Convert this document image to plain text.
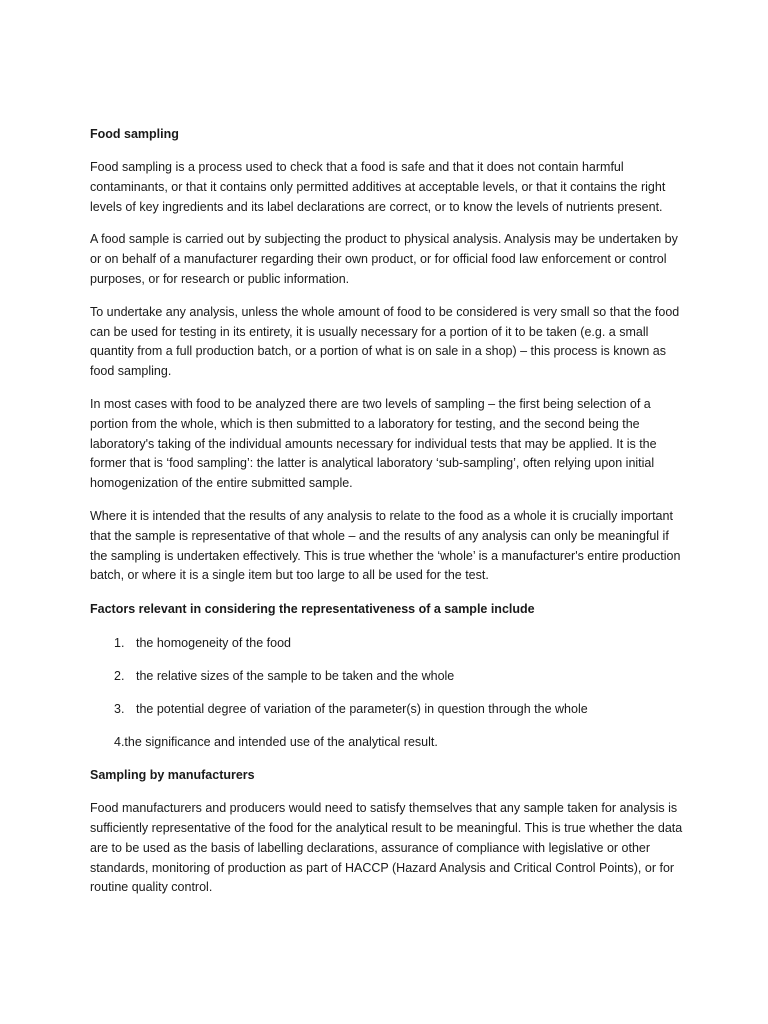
Food sampling

Food sampling is a process used to check that a food is safe and that it does not contain harmful contaminants, or that it contains only permitted additives at acceptable levels, or that it contains the right levels of key ingredients and its label declarations are correct, or to know the levels of nutrients present.

A food sample is carried out by subjecting the product to physical analysis. Analysis may be undertaken by or on behalf of a manufacturer regarding their own product, or for official food law enforcement or control purposes, or for research or public information.

To undertake any analysis, unless the whole amount of food to be considered is very small so that the food can be used for testing in its entirety, it is usually necessary for a portion of it to be taken (e.g. a small quantity from a full production batch, or a portion of what is on sale in a shop) – this process is known as food sampling.

In most cases with food to be analyzed there are two levels of sampling – the first being selection of a portion from the whole, which is then submitted to a laboratory for testing, and the second being the laboratory's taking of the individual amounts necessary for individual tests that may be applied. It is the former that is ‘food sampling’: the latter is analytical laboratory ‘sub-sampling’, often relying upon initial homogenization of the entire submitted sample.

Where it is intended that the results of any analysis to relate to the food as a whole it is crucially important that the sample is representative of that whole – and the results of any analysis can only be meaningful if the sampling is undertaken effectively. This is true whether the ‘whole’ is a manufacturer's entire production batch, or where it is a single item but too large to all be used for the test.

Factors relevant in considering the representativeness of a sample include
1. the homogeneity of the food
2. the relative sizes of the sample to be taken and the whole
3. the potential degree of variation of the parameter(s) in question through the whole
4.the significance and intended use of the analytical result.
Sampling by manufacturers

Food manufacturers and producers would need to satisfy themselves that any sample taken for analysis is sufficiently representative of the food for the analytical result to be meaningful. This is true whether the data are to be used as the basis of labelling declarations, assurance of compliance with legislative or other standards, monitoring of production as part of HACCP (Hazard Analysis and Critical Control Points), or for routine quality control.
